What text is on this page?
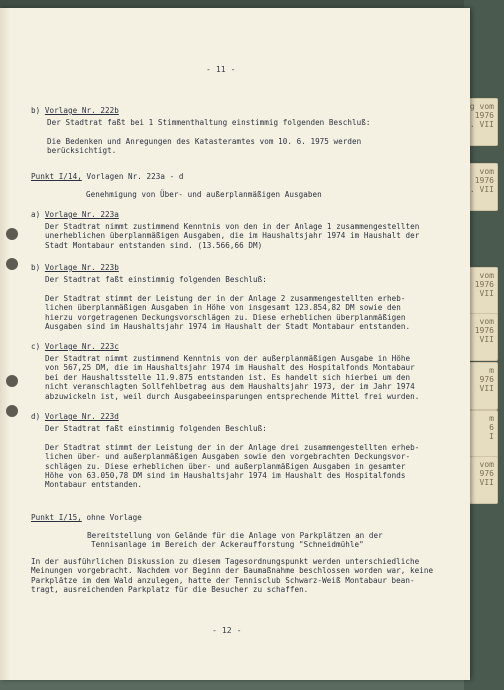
g vom
1976
. VII
vom
1976
. VII
vom
1976
VII
vom
1976
VII
m
976
VII
m
6
I
vom
976
VII
- 11 -
b) Vorlage Nr. 222b
Der Stadtrat faßt bei 1 Stimmenthaltung einstimmig folgenden Beschluß:

Die Bedenken und Anregungen des Katasteramtes vom 10. 6. 1975 werden
berücksichtigt.
Punkt I/14, Vorlagen Nr. 223a - d
Genehmigung von Über- und außerplanmäßigen Ausgaben
a) Vorlage Nr. 223a
Der Stadtrat nimmt zustimmend Kenntnis von den in der Anlage 1 zusammengestellten
unerheblichen überplanmäßigen Ausgaben, die im Haushaltsjahr 1974 im Haushalt der
Stadt Montabaur entstanden sind. (13.566,66 DM)
b) Vorlage Nr. 223b
Der Stadtrat faßt einstimmig folgenden Beschluß:

Der Stadtrat stimmt der Leistung der in der Anlage 2 zusammengestellten erheb-
lichen überplanmäßigen Ausgaben in Höhe von insgesamt 123.854,82 DM sowie den
hierzu vorgetragenen Deckungsvorschlägen zu. Diese erheblichen überplanmäßigen
Ausgaben sind im Haushaltsjahr 1974 im Haushalt der Stadt Montabaur entstanden.
c) Vorlage Nr. 223c
Der Stadtrat nimmt zustimmend Kenntnis von der außerplanmäßigen Ausgabe in Höhe
von 567,25 DM, die im Haushaltsjahr 1974 im Haushalt des Hospitalfonds Montabaur
bei der Haushaltsstelle 11.9.875 entstanden ist. Es handelt sich hierbei um den
nicht veranschlagten Sollfehlbetrag aus dem Haushaltsjahr 1973, der im Jahr 1974
abzuwickeln ist, weil durch Ausgabeeinsparungen entsprechende Mittel frei wurden.
d) Vorlage Nr. 223d
Der Stadtrat faßt einstimmig folgenden Beschluß:

Der Stadtrat stimmt der Leistung der in der Anlage drei zusammengestellten erheb-
lichen über- und außerplanmäßigen Ausgaben sowie den vorgebrachten Deckungsvor-
schlägen zu. Diese erheblichen über- und außerplanmäßigen Ausgaben in gesamter
Höhe von 63.050,78 DM sind im Haushaltsjahr 1974 im Haushalt des Hospitalfonds
Montabaur entstanden.
Punkt I/15, ohne Vorlage
Bereitstellung von Gelände für die Anlage von Parkplätzen an der
Tennisanlage im Bereich der Ackeraufforstung "Schneidmühle"
In der ausführlichen Diskussion zu diesem Tagesordnungspunkt werden unterschiedliche
Meinungen vorgebracht. Nachdem vor Beginn der Baumaßnahme beschlossen worden war, keine
Parkplätze im dem Wald anzulegen, hatte der Tennisclub Schwarz-Weiß Montabaur bean-
tragt, ausreichenden Parkplatz für die Besucher zu schaffen.
- 12 -
